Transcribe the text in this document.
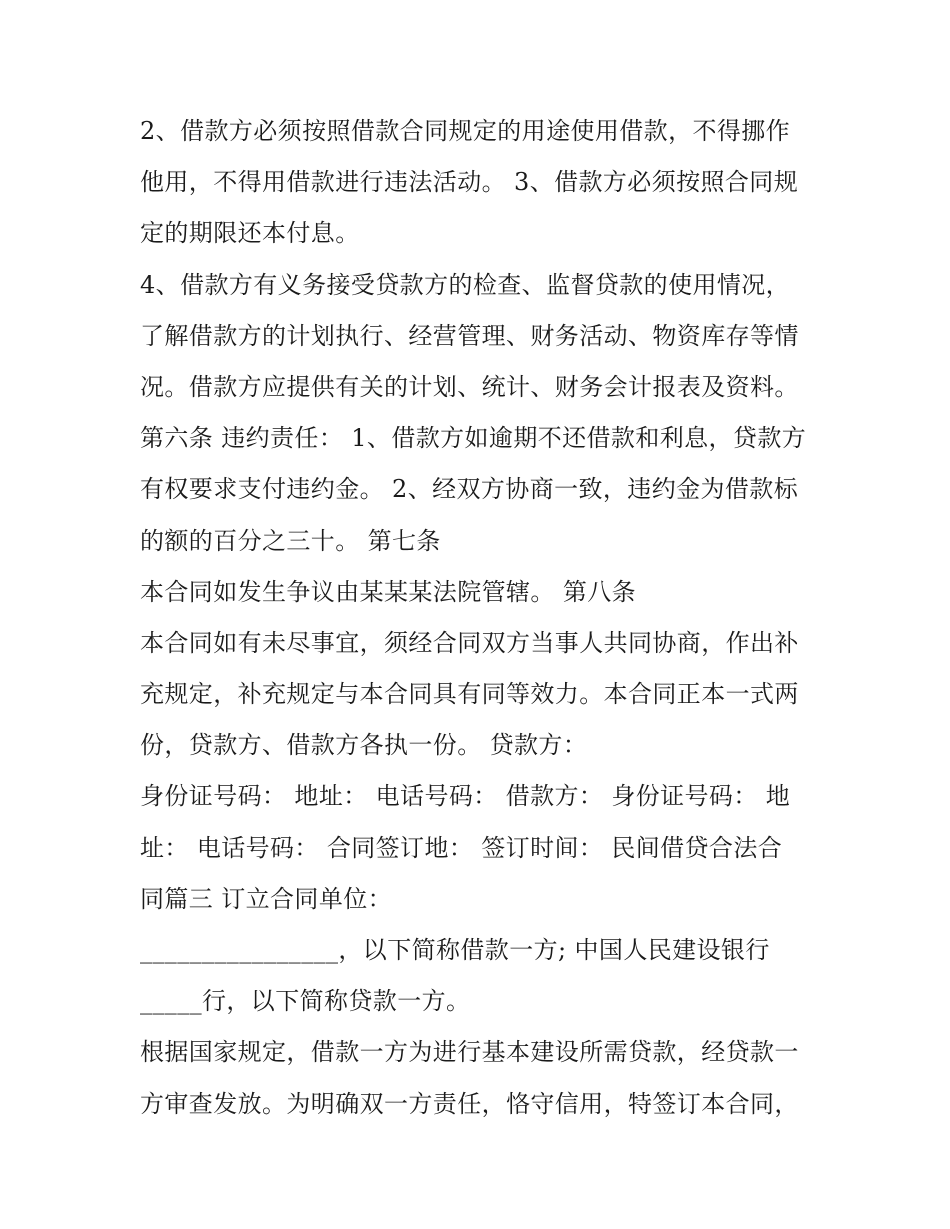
2、借款方必须按照借款合同规定的用途使用借款，不得挪作
他用，不得用借款进行违法活动。 3、借款方必须按照合同规
定的期限还本付息。
4、借款方有义务接受贷款方的检查、监督贷款的使用情况，
了解借款方的计划执行、经营管理、财务活动、物资库存等情
况。借款方应提供有关的计划、统计、财务会计报表及资料。
第六条 违约责任： 1、借款方如逾期不还借款和利息，贷款方
有权要求支付违约金。 2、经双方协商一致，违约金为借款标
的额的百分之三十。 第七条
本合同如发生争议由某某某法院管辖。 第八条
本合同如有未尽事宜，须经合同双方当事人共同协商，作出补
充规定，补充规定与本合同具有同等效力。本合同正本一式两
份，贷款方、借款方各执一份。 贷款方：
身份证号码： 地址： 电话号码： 借款方： 身份证号码： 地
址： 电话号码： 合同签订地： 签订时间： 民间借贷合法合
同篇三 订立合同单位：
________________，以下简称借款一方; 中国人民建设银行
_____行，以下简称贷款一方。
根据国家规定，借款一方为进行基本建设所需贷款，经贷款一
方审查发放。为明确双一方责任，恪守信用，特签订本合同，
